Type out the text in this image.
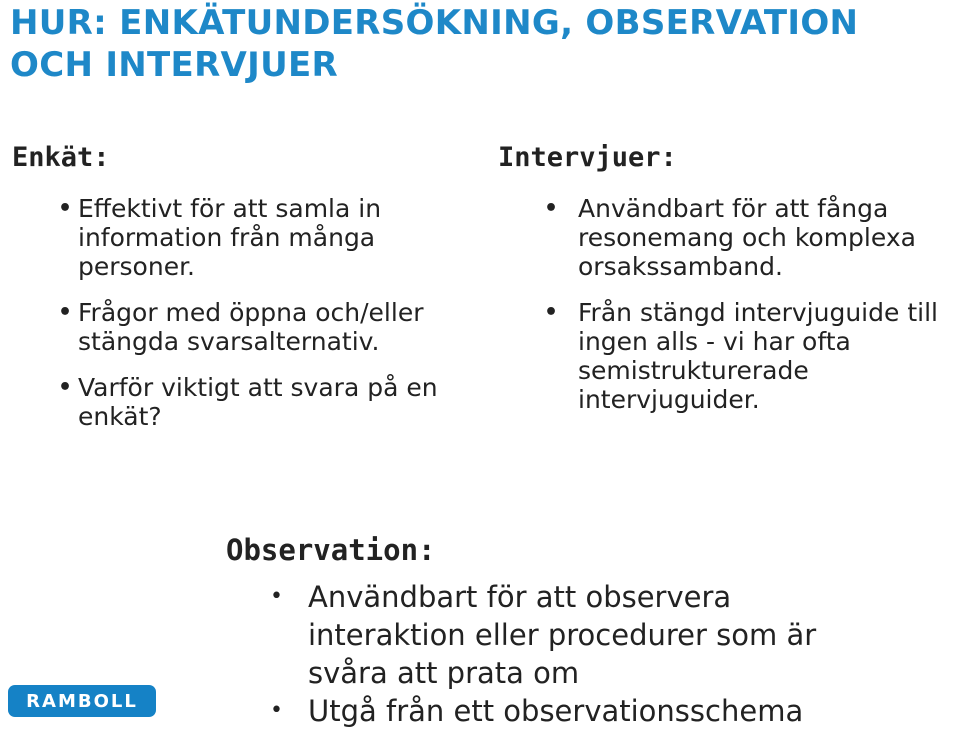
HUR: ENKÄTUNDERSÖKNING, OBSERVATION OCH INTERVJUER
Enkät:
• Effektivt för att samla in information från många personer.
• Frågor med öppna och/eller stängda svarsalternativ.
• Varför viktigt att svara på en enkät?
Intervjuer:
• Användbart för att fånga resonemang och komplexa orsakssamband.
• Från stängd intervjuguide till ingen alls - vi har ofta semistrukturerade intervjuguider.
Observation:
• Användbart för att observera interaktion eller procedurer som är svåra att prata om
• Utgå från ett observationsschema
RAMBOLL
